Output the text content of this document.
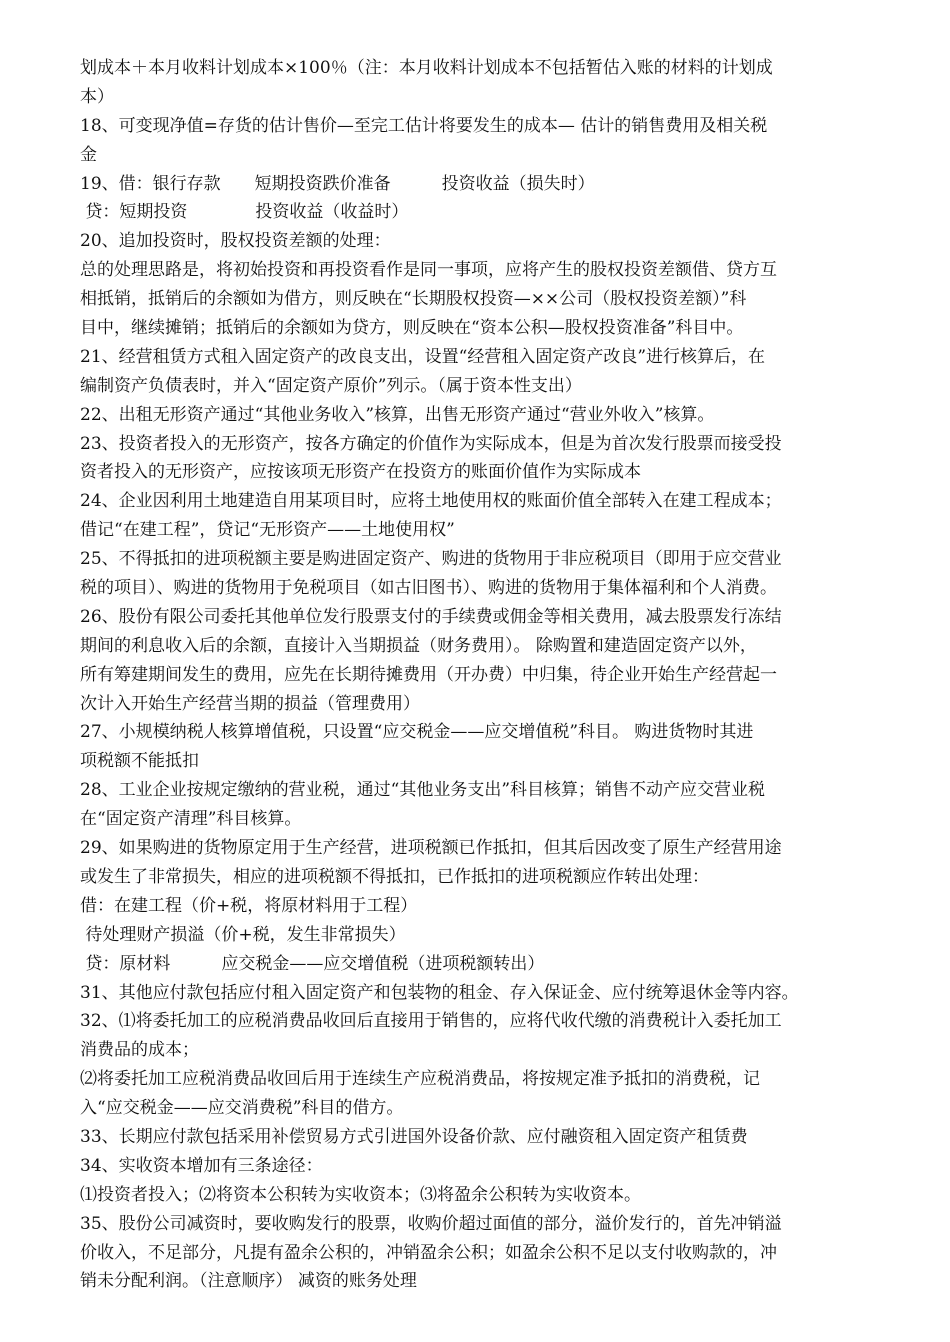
划成本＋本月收料计划成本×100％（注：本月收料计划成本不包括暂估入账的材料的计划成
本）
18、可变现净值=存货的估计售价—至完工估计将要发生的成本— 估计的销售费用及相关税
金
19、借：银行存款　　短期投资跌价准备　　　投资收益（损失时）
贷：短期投资　　　　投资收益（收益时）
20、追加投资时，股权投资差额的处理：
总的处理思路是，将初始投资和再投资看作是同一事项，应将产生的股权投资差额借、贷方互
相抵销，抵销后的余额如为借方，则反映在“长期股权投资—××公司（股权投资差额）”科
目中，继续摊销；抵销后的余额如为贷方，则反映在“资本公积—股权投资准备”科目中。
21、经营租赁方式租入固定资产的改良支出，设置“经营租入固定资产改良”进行核算后，在
编制资产负债表时，并入“固定资产原价”列示。（属于资本性支出）
22、出租无形资产通过“其他业务收入”核算，出售无形资产通过“营业外收入”核算。
23、投资者投入的无形资产，按各方确定的价值作为实际成本，但是为首次发行股票而接受投
资者投入的无形资产，应按该项无形资产在投资方的账面价值作为实际成本
24、企业因利用土地建造自用某项目时，应将土地使用权的账面价值全部转入在建工程成本；
借记“在建工程”，贷记“无形资产——土地使用权”
25、不得抵扣的进项税额主要是购进固定资产、购进的货物用于非应税项目（即用于应交营业
税的项目）、购进的货物用于免税项目（如古旧图书）、购进的货物用于集体福利和个人消费。
26、股份有限公司委托其他单位发行股票支付的手续费或佣金等相关费用，减去股票发行冻结
期间的利息收入后的余额，直接计入当期损益（财务费用）。 除购置和建造固定资产以外，
所有筹建期间发生的费用，应先在长期待摊费用（开办费）中归集，待企业开始生产经营起一
次计入开始生产经营当期的损益（管理费用）
27、小规模纳税人核算增值税，只设置“应交税金——应交增值税”科目。 购进货物时其进
项税额不能抵扣
28、工业企业按规定缴纳的营业税，通过“其他业务支出”科目核算；销售不动产应交营业税
在“固定资产清理”科目核算。
29、如果购进的货物原定用于生产经营，进项税额已作抵扣，但其后因改变了原生产经营用途
或发生了非常损失，相应的进项税额不得抵扣，已作抵扣的进项税额应作转出处理：
借：在建工程（价+税，将原材料用于工程）
待处理财产损溢（价+税，发生非常损失）
贷：原材料　　　应交税金——应交增值税（进项税额转出）
31、其他应付款包括应付租入固定资产和包装物的租金、存入保证金、应付统筹退休金等内容。
32、⑴将委托加工的应税消费品收回后直接用于销售的，应将代收代缴的消费税计入委托加工
消费品的成本；
⑵将委托加工应税消费品收回后用于连续生产应税消费品，将按规定准予抵扣的消费税，记
入“应交税金——应交消费税”科目的借方。
33、长期应付款包括采用补偿贸易方式引进国外设备价款、应付融资租入固定资产租赁费
34、实收资本增加有三条途径：
⑴投资者投入；⑵将资本公积转为实收资本；⑶将盈余公积转为实收资本。
35、股份公司减资时，要收购发行的股票，收购价超过面值的部分，溢价发行的，首先冲销溢
价收入，不足部分，凡提有盈余公积的，冲销盈余公积；如盈余公积不足以支付收购款的，冲
销未分配利润。（注意顺序） 减资的账务处理
